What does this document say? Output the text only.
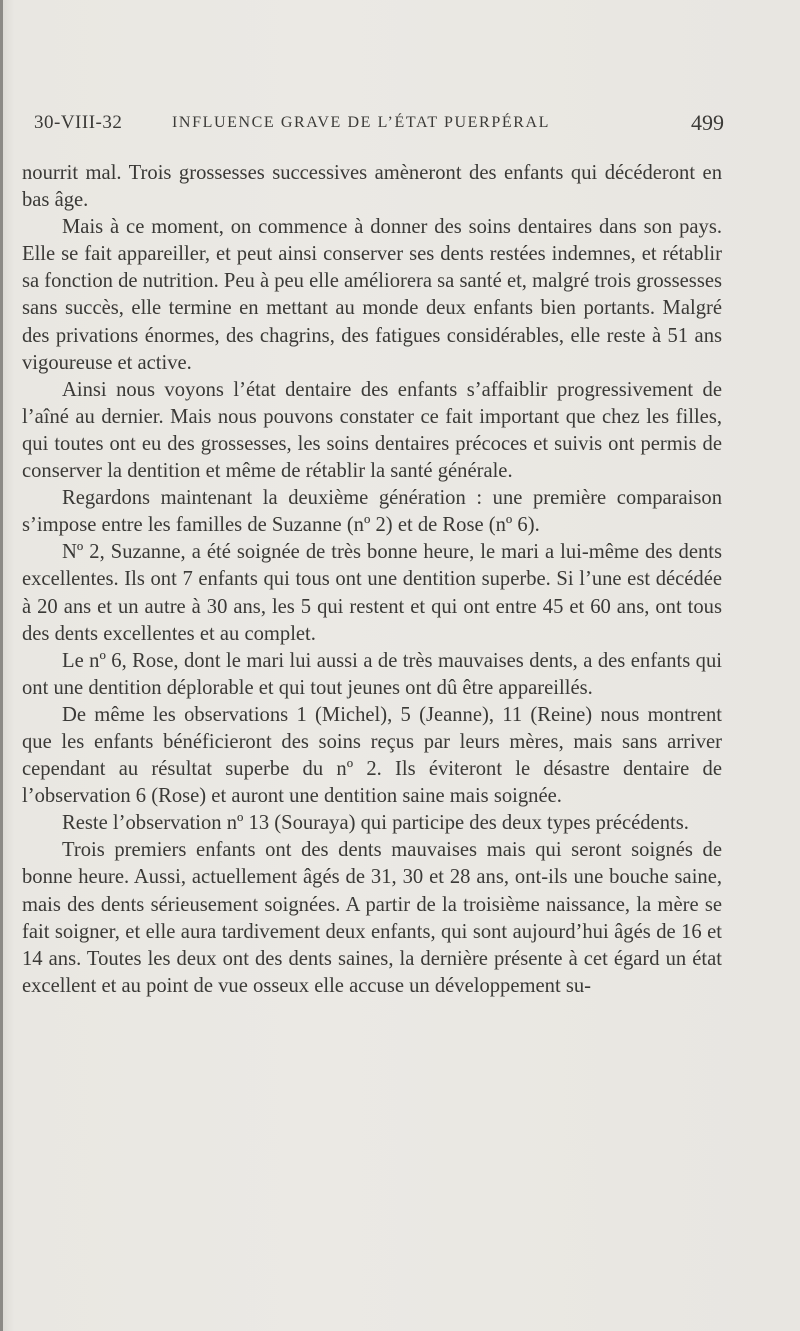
30-VIII-32	INFLUENCE GRAVE DE L’ÉTAT PUERPÉRAL	499

nourrit mal. Trois grossesses successives amèneront des enfants qui décéderont en bas âge.

Mais à ce moment, on commence à donner des soins dentaires dans son pays. Elle se fait appareiller, et peut ainsi conserver ses dents restées indemnes, et rétablir sa fonction de nutrition. Peu à peu elle améliorera sa santé et, malgré trois grossesses sans succès, elle termine en mettant au monde deux enfants bien portants. Malgré des privations énormes, des chagrins, des fatigues considérables, elle reste à 51 ans vigoureuse et active.

Ainsi nous voyons l’état dentaire des enfants s’affaiblir progressivement de l’aîné au dernier. Mais nous pouvons constater ce fait important que chez les filles, qui toutes ont eu des grossesses, les soins dentaires précoces et suivis ont permis de conserver la dentition et même de rétablir la santé générale.

Regardons maintenant la deuxième génération : une première comparaison s’impose entre les familles de Suzanne (nº 2) et de Rose (nº 6).

Nº 2, Suzanne, a été soignée de très bonne heure, le mari a lui-même des dents excellentes. Ils ont 7 enfants qui tous ont une dentition superbe. Si l’une est décédée à 20 ans et un autre à 30 ans, les 5 qui restent et qui ont entre 45 et 60 ans, ont tous des dents excellentes et au complet.

Le nº 6, Rose, dont le mari lui aussi a de très mauvaises dents, a des enfants qui ont une dentition déplorable et qui tout jeunes ont dû être appareillés.

De même les observations 1 (Michel), 5 (Jeanne), 11 (Reine) nous montrent que les enfants bénéficieront des soins reçus par leurs mères, mais sans arriver cependant au résultat superbe du nº 2. Ils éviteront le désastre dentaire de l’observation 6 (Rose) et auront une dentition saine mais soignée.

Reste l’observation nº 13 (Souraya) qui participe des deux types précédents.

Trois premiers enfants ont des dents mauvaises mais qui seront soignés de bonne heure. Aussi, actuellement âgés de 31, 30 et 28 ans, ont-ils une bouche saine, mais des dents sérieusement soignées. A partir de la troisième naissance, la mère se fait soigner, et elle aura tardivement deux enfants, qui sont aujourd’hui âgés de 16 et 14 ans. Toutes les deux ont des dents saines, la dernière présente à cet égard un état excellent et au point de vue osseux elle accuse un développement su-
